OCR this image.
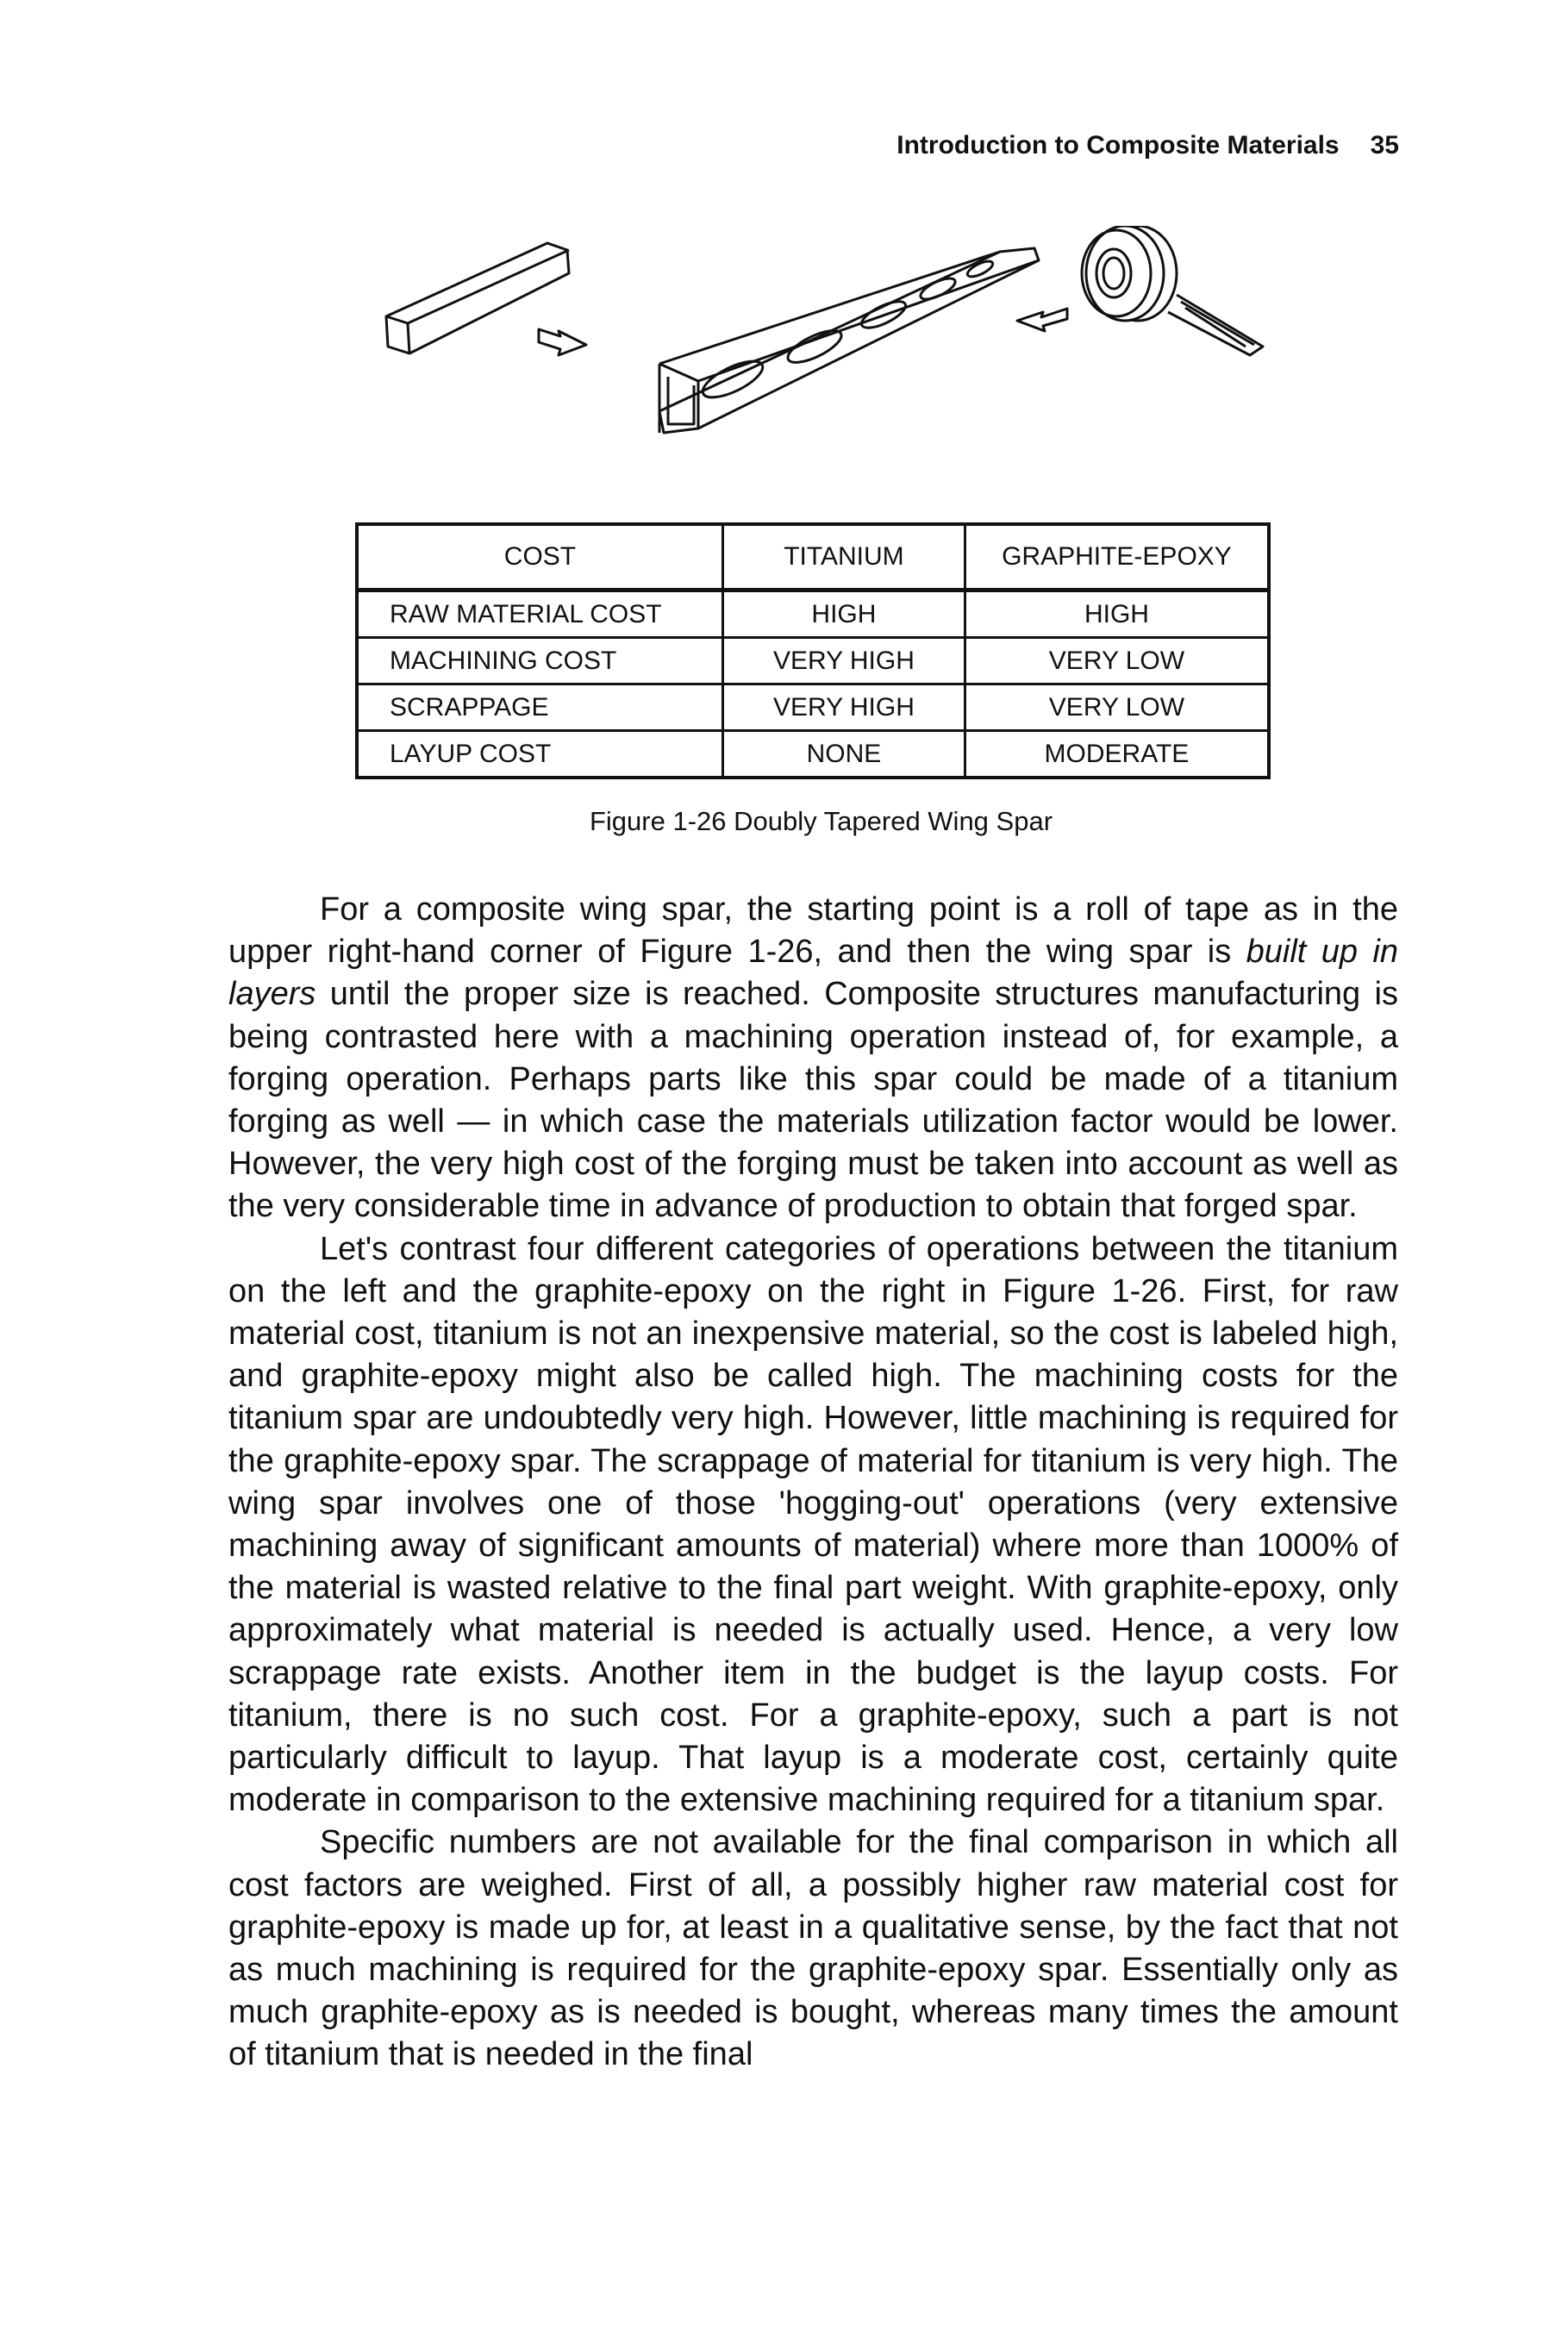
Introduction to Composite Materials 35
COST	TITANIUM	GRAPHITE-EPOXY
RAW MATERIAL COST	HIGH	HIGH
MACHINING COST	VERY HIGH	VERY LOW
SCRAPPAGE	VERY HIGH	VERY LOW
LAYUP COST	NONE	MODERATE
Figure 1-26 Doubly Tapered Wing Spar

For a composite wing spar, the starting point is a roll of tape as in the upper right-hand corner of Figure 1-26, and then the wing spar is built up in layers until the proper size is reached. Composite structures manufacturing is being contrasted here with a machining operation instead of, for example, a forging operation. Perhaps parts like this spar could be made of a titanium forging as well — in which case the materials utilization factor would be lower. However, the very high cost of the forging must be taken into account as well as the very considerable time in advance of production to obtain that forged spar.

Let's contrast four different categories of operations between the titanium on the left and the graphite-epoxy on the right in Figure 1-26. First, for raw material cost, titanium is not an inexpensive material, so the cost is labeled high, and graphite-epoxy might also be called high. The machining costs for the titanium spar are undoubtedly very high. However, little machining is required for the graphite-epoxy spar. The scrappage of material for titanium is very high. The wing spar involves one of those 'hogging-out' operations (very extensive machining away of significant amounts of material) where more than 1000% of the material is wasted relative to the final part weight. With graphite-epoxy, only approximately what material is needed is actually used. Hence, a very low scrappage rate exists. Another item in the budget is the layup costs. For titanium, there is no such cost. For a graphite-epoxy, such a part is not particularly difficult to layup. That layup is a moderate cost, certainly quite moderate in comparison to the extensive machining required for a titanium spar.

Specific numbers are not available for the final comparison in which all cost factors are weighed. First of all, a possibly higher raw material cost for graphite-epoxy is made up for, at least in a qualitative sense, by the fact that not as much machining is required for the graphite-epoxy spar. Essentially only as much graphite-epoxy as is needed is bought, whereas many times the amount of titanium that is needed in the final
